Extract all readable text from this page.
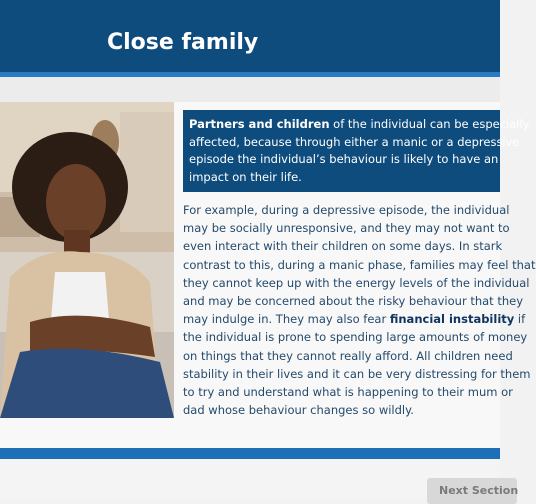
Close family
Partners and children of the individual can be especially
affected, because through either a manic or a depressive
episode the individual’s behaviour is likely to have an
impact on their life.
For example, during a depressive episode, the individual
may be socially unresponsive, and they may not want to
even interact with their children on some days. In stark
contrast to this, during a manic phase, families may feel that
they cannot keep up with the energy levels of the individual
and may be concerned about the risky behaviour that they
may indulge in. They may also fear financial instability if
the individual is prone to spending large amounts of money
on things that they cannot really afford. All children need
stability in their lives and it can be very distressing for them
to try and understand what is happening to their mum or
dad whose behaviour changes so wildly.
Next Section
